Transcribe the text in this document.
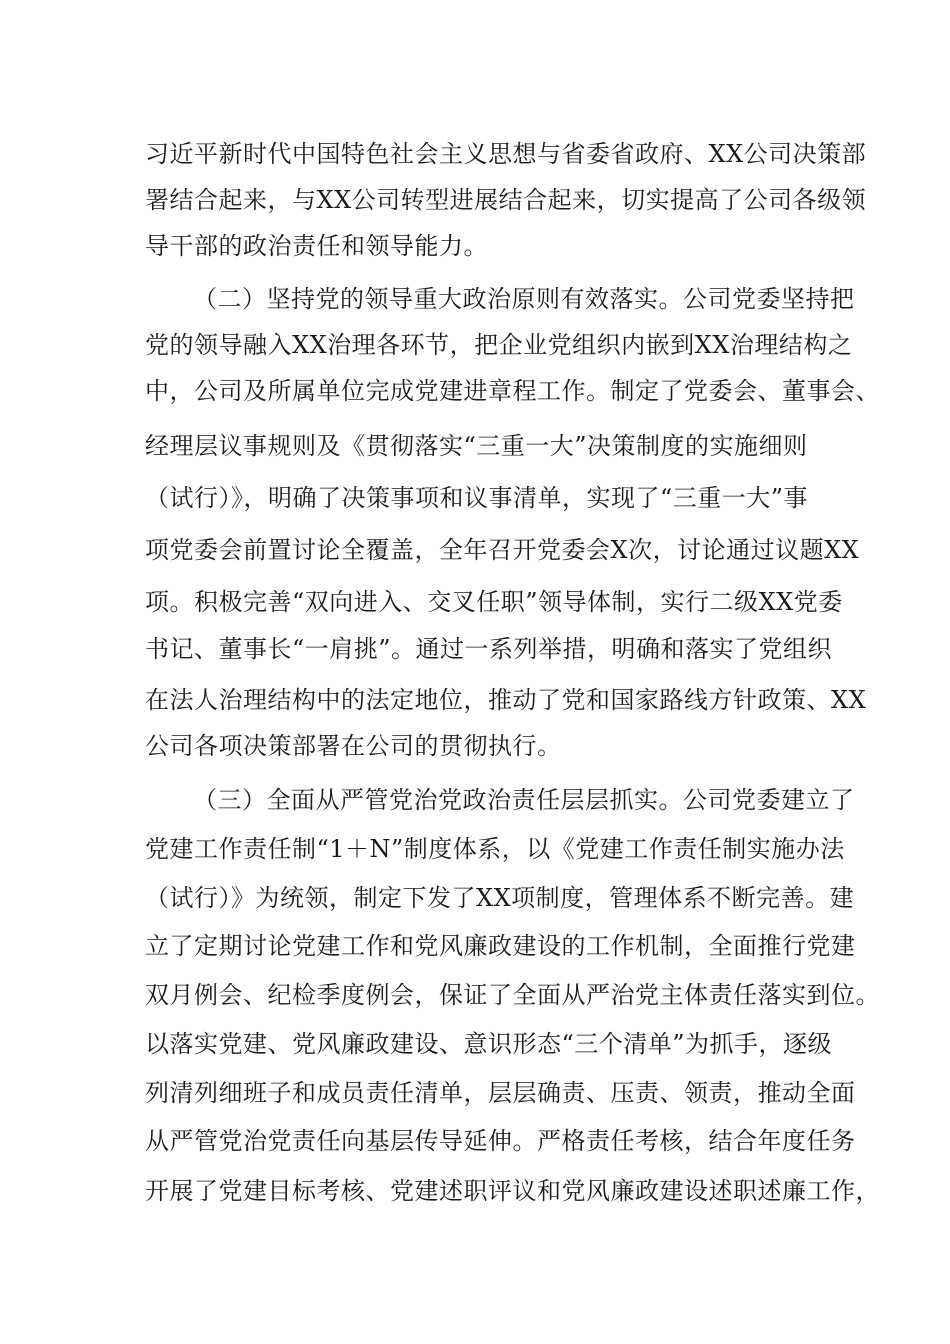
习近平新时代中国特色社会主义思想与省委省政府、XX公司决策部
署结合起来，与XX公司转型进展结合起来，切实提高了公司各级领
导干部的政治责任和领导能力。
（二）坚持党的领导重大政治原则有效落实。公司党委坚持把
党的领导融入XX治理各环节，把企业党组织内嵌到XX治理结构之
中，公司及所属单位完成党建进章程工作。制定了党委会、董事会、
经理层议事规则及《贯彻落实“三重一大”决策制度的实施细则
（试行）》，明确了决策事项和议事清单，实现了“三重一大”事
项党委会前置讨论全覆盖，全年召开党委会X次，讨论通过议题XX
项。积极完善“双向进入、交叉任职”领导体制，实行二级XX党委
书记、董事长“一肩挑”。通过一系列举措，明确和落实了党组织
在法人治理结构中的法定地位，推动了党和国家路线方针政策、XX
公司各项决策部署在公司的贯彻执行。
（三）全面从严管党治党政治责任层层抓实。公司党委建立了
党建工作责任制“1＋N”制度体系，以《党建工作责任制实施办法
（试行）》为统领，制定下发了XX项制度，管理体系不断完善。建
立了定期讨论党建工作和党风廉政建设的工作机制，全面推行党建
双月例会、纪检季度例会，保证了全面从严治党主体责任落实到位。
以落实党建、党风廉政建设、意识形态“三个清单”为抓手，逐级
列清列细班子和成员责任清单，层层确责、压责、领责，推动全面
从严管党治党责任向基层传导延伸。严格责任考核，结合年度任务
开展了党建目标考核、党建述职评议和党风廉政建设述职述廉工作，
